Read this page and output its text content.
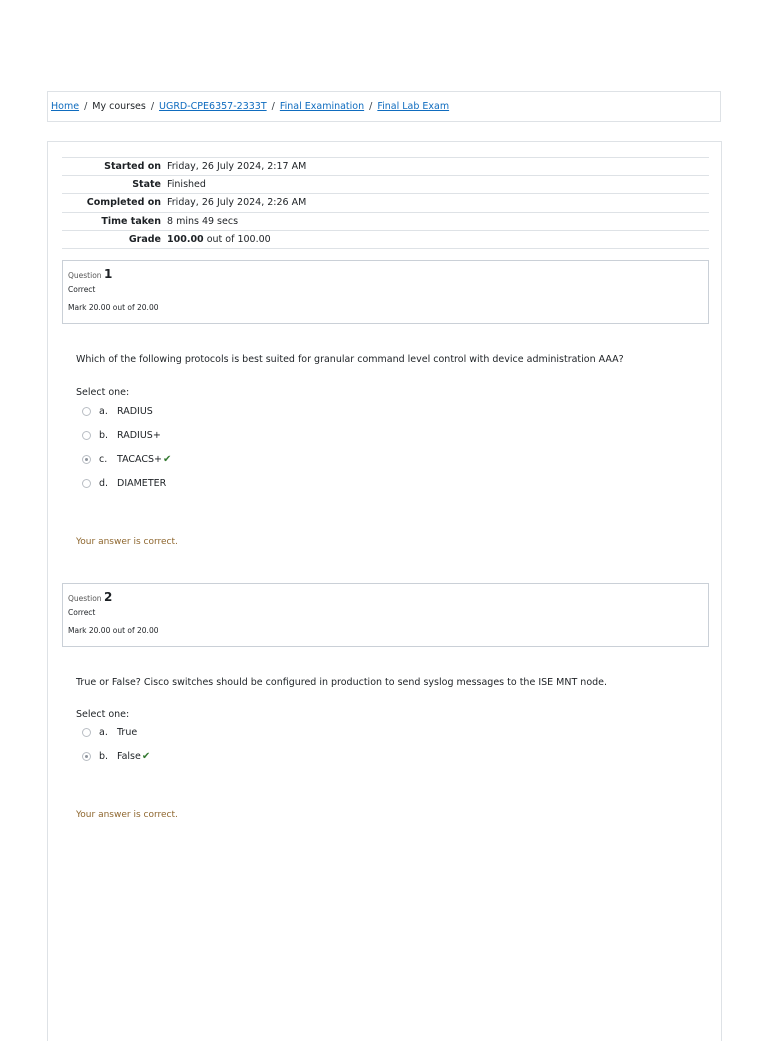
Home / My courses / UGRD-CPE6357-2333T / Final Examination / Final Lab Exam
Started on	Friday, 26 July 2024, 2:17 AM
State	Finished
Completed on	Friday, 26 July 2024, 2:26 AM
Time taken	8 mins 49 secs
Grade	100.00 out of 100.00
Question 1
Correct
Mark 20.00 out of 20.00
Which of the following protocols is best suited for granular command level control with device administration AAA?
Select one:
a. RADIUS
b. RADIUS+
c.	TACACS+ ✔
d. DIAMETER
Your answer is correct.
Question 2
Correct
Mark 20.00 out of 20.00
True or False? Cisco switches should be configured in production to send syslog messages to the ISE MNT node.
Select one:
a. True
b. False ✔
Your answer is correct.
